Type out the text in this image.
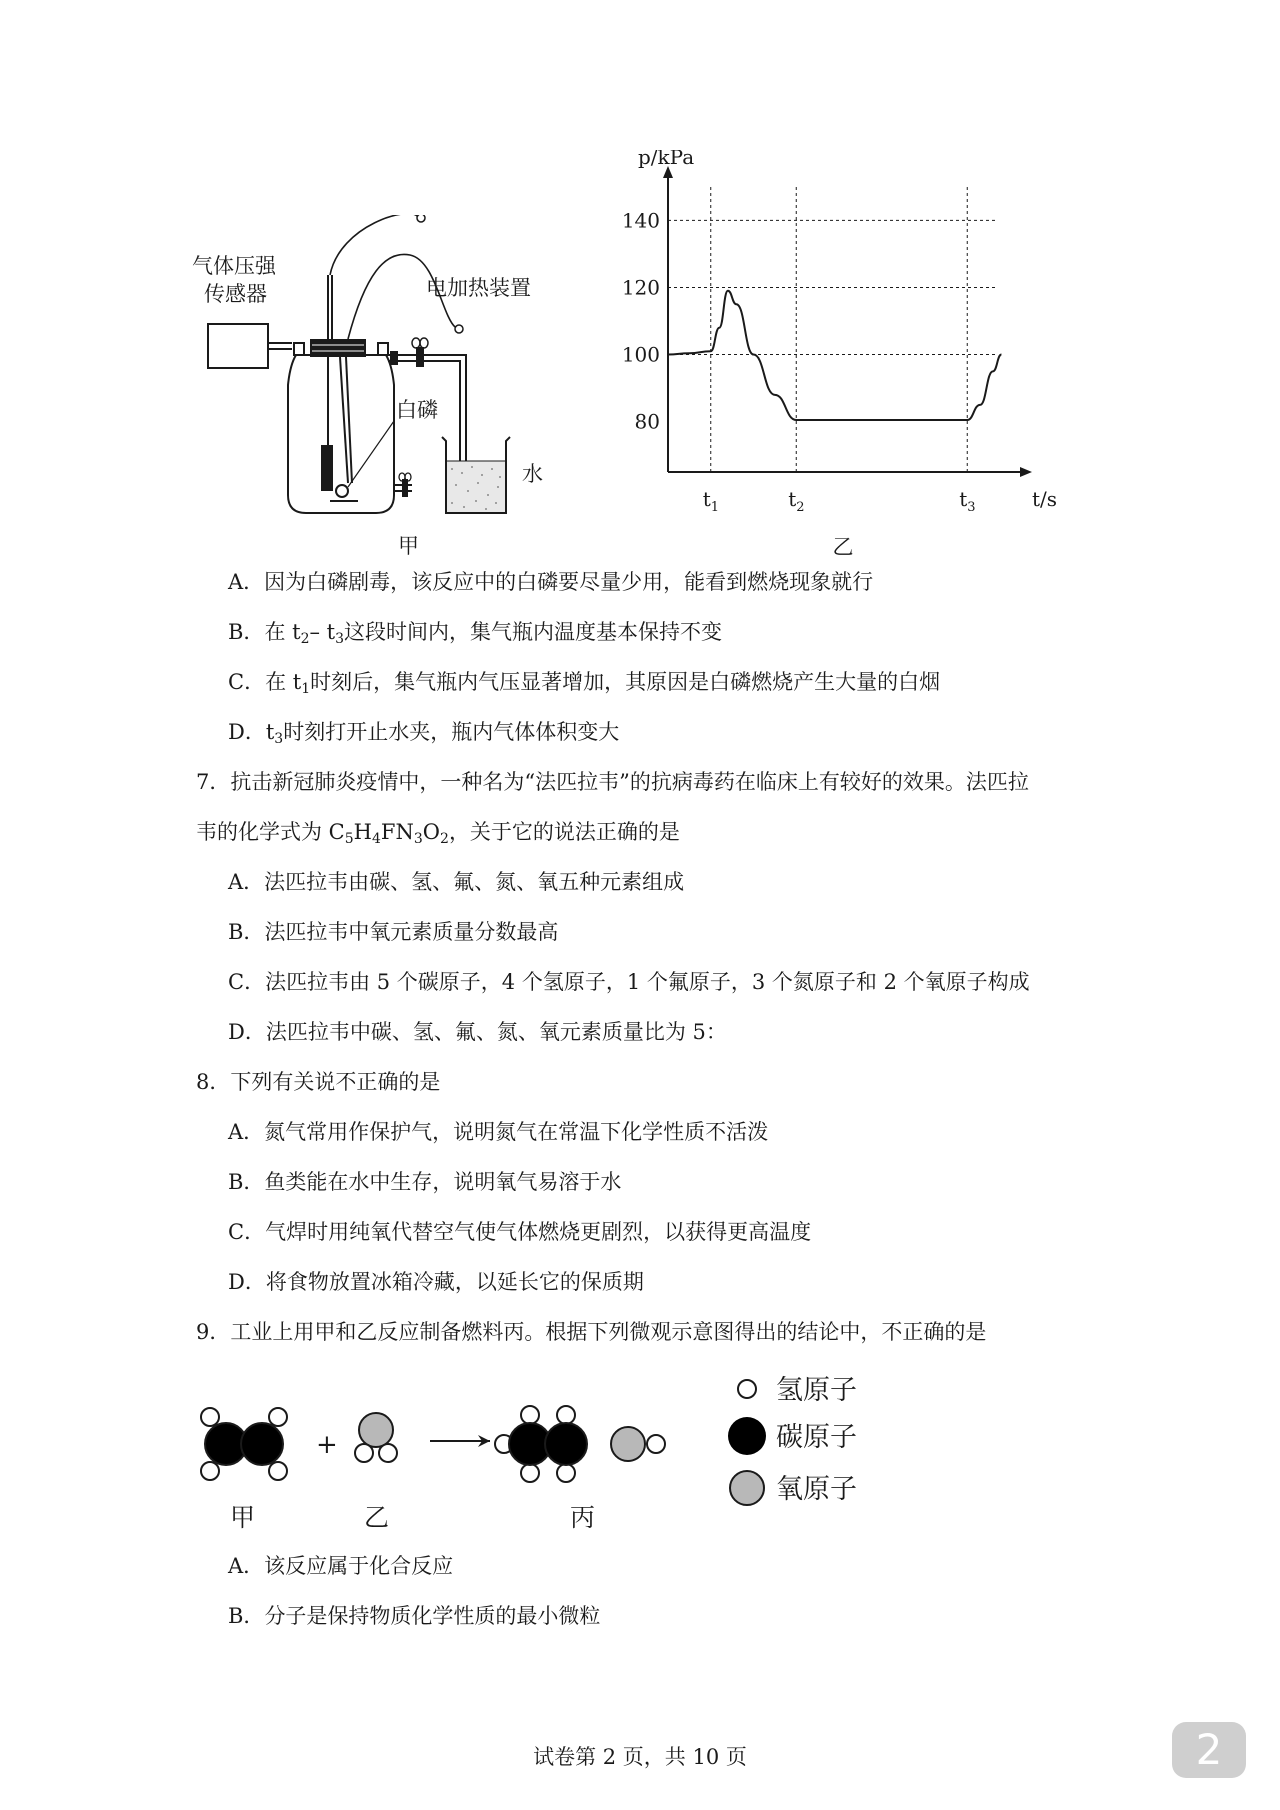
气体压强
传感器	电加热装置
白磷
水
甲
p/kPa
t/s
80
100
120
140
$t_1$	$t_2$	$t_3$
乙
A．因为白磷剧毒，该反应中的白磷要尽量少用，能看到燃烧现象就行
B．在 $t_2-$ $t_3$这段时间内，集气瓶内温度基本保持不变
C．在 $t_1$时刻后，集气瓶内气压显著增加，其原因是白磷燃烧产生大量的白烟
D．$t_3$时刻打开止水夹，瓶内气体体积变大
7．抗击新冠肺炎疫情中，一种名为“法匹拉韦”的抗病毒药在临床上有较好的效果。法匹拉
韦的化学式为 $C_5H_4FN_3O_2$，关于它的说法正确的是
A．法匹拉韦由碳、氢、氟、氮、氧五种元素组成
B．法匹拉韦中氧元素质量分数最高
C．法匹拉韦由 5 个碳原子，4 个氢原子，1 个氟原子，3 个氮原子和 2 个氧原子构成
D．法匹拉韦中碳、氢、氟、氮、氧元素质量比为 5：
8．下列有关说不正确的是
A．氮气常用作保护气，说明氮气在常温下化学性质不活泼
B．鱼类能在水中生存，说明氧气易溶于水
C．气焊时用纯氧代替空气使气体燃烧更剧烈，以获得更高温度
D．将食物放置冰箱冷藏，以延长它的保质期
9．工业上用甲和乙反应制备燃料丙。根据下列微观示意图得出的结论中，不正确的是
+
甲	乙	丙
氢原子
碳原子
氧原子
A．该反应属于化合反应
B．分子是保持物质化学性质的最小微粒
试卷第 2 页，共 10 页	2
